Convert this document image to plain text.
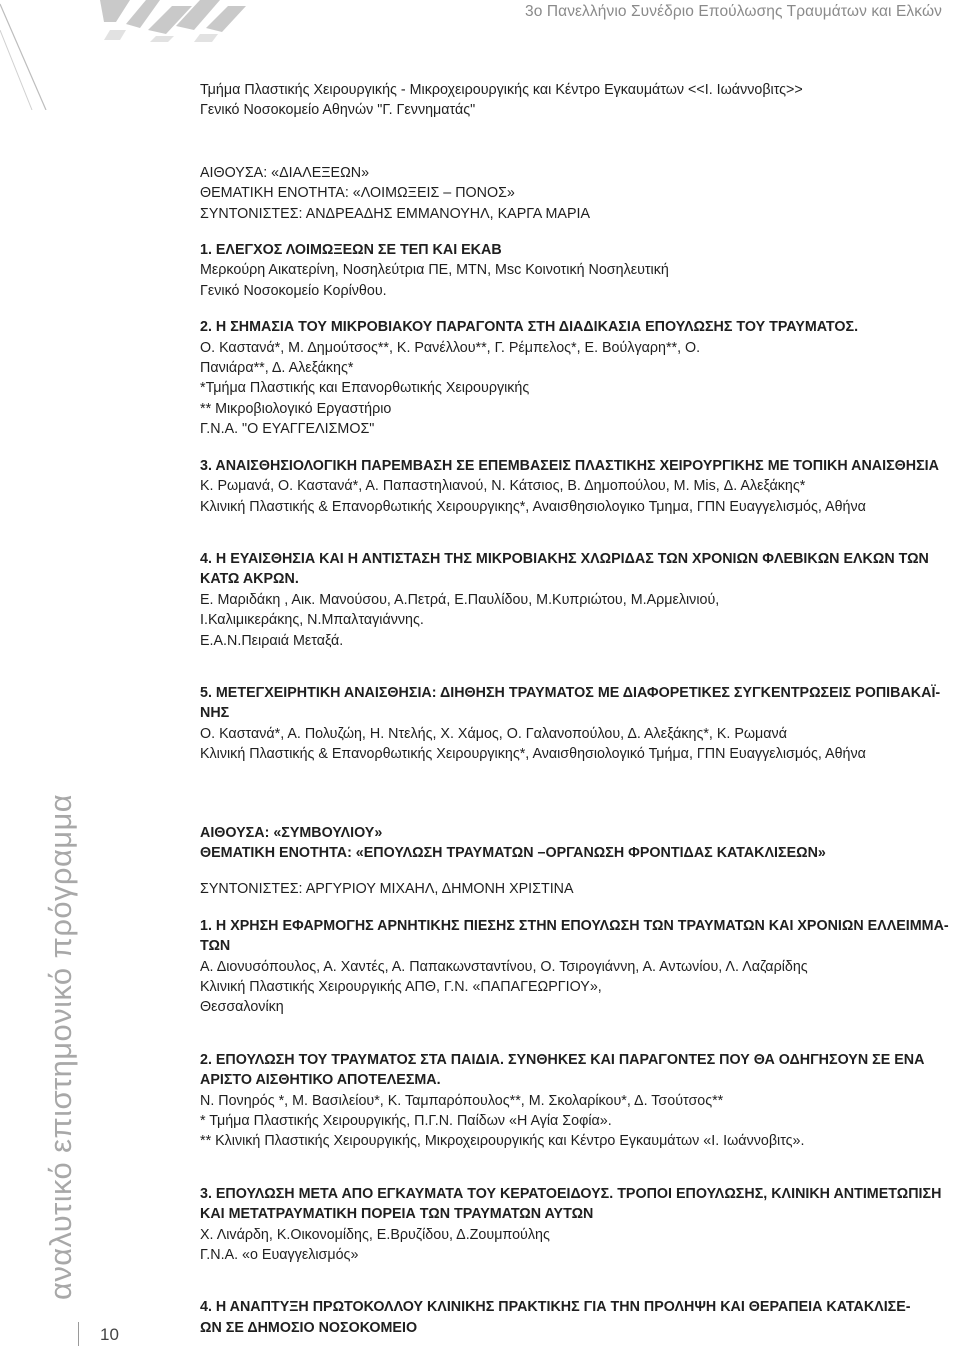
3ο Πανελλήνιο Συνέδριο Επούλωσης Τραυμάτων και Ελκών
αναλυτικό επιστημονικό πρόγραμμα
10
Τμήμα Πλαστικής Χειρουργικής - Μικροχειρουργικής και Κέντρο Εγκαυμάτων <<Ι. Ιωάννοβιτς>>
Γενικό Νοσοκομείο Αθηνών "Γ. Γεννηματάς"
ΑΙΘΟΥΣΑ: «ΔΙΑΛΕΞΕΩΝ»
ΘΕΜΑΤΙΚΗ ΕΝΟΤΗΤΑ: «ΛΟΙΜΩΞΕΙΣ – ΠΟΝΟΣ»
ΣΥΝΤΟΝΙΣΤΕΣ: ΑΝΔΡΕΑΔΗΣ ΕΜΜΑΝΟΥΗΛ, ΚΑΡΓΑ ΜΑΡΙΑ
1. ΕΛΕΓΧΟΣ ΛΟΙΜΩΞΕΩΝ ΣΕ ΤΕΠ ΚΑΙ ΕΚΑΒ
Μερκούρη Αικατερίνη, Νοσηλεύτρια ΠΕ, ΜΤΝ, Msc Κοινοτική Νοσηλευτική
Γενικό Νοσοκομείο Κορίνθου.
2. Η ΣΗΜΑΣΙΑ ΤΟΥ ΜΙΚΡΟΒΙΑΚΟΥ ΠΑΡΑΓΟΝΤΑ ΣΤΗ ΔΙΑΔΙΚΑΣΙΑ ΕΠΟΥΛΩΣΗΣ ΤΟΥ ΤΡΑΥΜΑΤΟΣ.
Ο. Καστανά*, Μ. Δημούτσος**, Κ. Ρανέλλου**, Γ. Ρέμπελος*, Ε. Βούλγαρη**, Ο.
Πανιάρα**, Δ. Αλεξάκης*
*Τμήμα Πλαστικής και Επανορθωτικής Χειρουργικής
** Μικροβιολογικό Εργαστήριο
Γ.Ν.Α. "Ο ΕΥΑΓΓΕΛΙΣΜΟΣ"
3. ΑΝΑΙΣΘΗΣΙΟΛΟΓΙΚΗ ΠΑΡΕΜΒΑΣΗ ΣΕ ΕΠΕΜΒΑΣΕΙΣ ΠΛΑΣΤΙΚΗΣ ΧΕΙΡΟΥΡΓΙΚΗΣ ΜΕ ΤΟΠΙΚΗ ΑΝΑΙΣΘΗΣΙΑ
Κ. Ρωμανά, Ο. Καστανά*, Α. Παπαστηλιανού, Ν. Κάτσιος, Β. Δημοπούλου, Μ. Mis, Δ. Αλεξάκης*
Κλινική Πλαστικής & Επανορθωτικής Χειρουργικης*, Αναισθησιολογικο Τμημα, ΓΠΝ Ευαγγελισμός, Αθήνα
4. Η ΕΥΑΙΣΘΗΣΙΑ ΚΑΙ Η ΑΝΤΙΣΤΑΣΗ ΤΗΣ ΜΙΚΡΟΒΙΑΚΗΣ ΧΛΩΡΙΔΑΣ ΤΩΝ ΧΡΟΝΙΩΝ ΦΛΕΒΙΚΩΝ ΕΛΚΩΝ ΤΩΝ
ΚΑΤΩ ΑΚΡΩΝ.
Ε. Μαριδάκη , Αικ. Μανούσου, Α.Πετρά, Ε.Παυλίδου, Μ.Κυπριώτου, Μ.Αρμελινιού,
Ι.Καλιμικεράκης, Ν.Μπαλταγιάννης.
Ε.Α.Ν.Πειραιά Μεταξά.
5. ΜΕΤΕΓΧΕΙΡΗΤΙΚΗ ΑΝΑΙΣΘΗΣΙΑ: ΔΙΗΘΗΣΗ ΤΡΑΥΜΑΤΟΣ ΜΕ ΔΙΑΦΟΡΕΤΙΚΕΣ ΣΥΓΚΕΝΤΡΩΣΕΙΣ ΡΟΠΙΒΑΚΑΪ-
ΝΗΣ
Ο. Καστανά*, Α. Πολυζώη, Η. Ντελής, Χ. Χάμος, Ο. Γαλανοπούλου, Δ. Αλεξάκης*, Κ. Ρωμανά
Κλινική Πλαστικής & Επανορθωτικής Χειρουργικης*, Αναισθησιολογικό Τμήμα, ΓΠΝ Ευαγγελισμός, Αθήνα
ΑΙΘΟΥΣΑ: «ΣΥΜΒΟΥΛΙΟΥ»
ΘΕΜΑΤΙΚΗ ΕΝΟΤΗΤΑ: «ΕΠΟΥΛΩΣΗ ΤΡΑΥΜΑΤΩΝ –ΟΡΓΑΝΩΣΗ ΦΡΟΝΤΙΔΑΣ ΚΑΤΑΚΛΙΣΕΩΝ»
ΣΥΝΤΟΝΙΣΤΕΣ: ΑΡΓΥΡΙΟΥ ΜΙΧΑΗΛ, ΔΗΜΟΝΗ ΧΡΙΣΤΙΝΑ
1. Η ΧΡΗΣΗ ΕΦΑΡΜΟΓΗΣ ΑΡΝΗΤΙΚΗΣ ΠΙΕΣΗΣ ΣΤΗΝ ΕΠΟΥΛΩΣΗ ΤΩΝ ΤΡΑΥΜΑΤΩΝ ΚΑΙ ΧΡΟΝΙΩΝ ΕΛΛΕΙΜΜΑ-
ΤΩΝ
Α. Διονυσόπουλος, Α. Χαντές, Α. Παπακωνσταντίνου, Ο. Τσιρογιάννη, Α. Αντωνίου, Λ. Λαζαρίδης
Κλινική Πλαστικής Χειρουργικής ΑΠΘ, Γ.Ν. «ΠΑΠΑΓΕΩΡΓΙΟΥ»,
Θεσσαλονίκη
2. ΕΠΟΥΛΩΣΗ ΤΟΥ ΤΡΑΥΜΑΤΟΣ ΣΤΑ ΠΑΙΔΙΑ. ΣΥΝΘΗΚΕΣ ΚΑΙ ΠΑΡΑΓΟΝΤΕΣ ΠΟΥ ΘΑ ΟΔΗΓΗΣΟΥΝ ΣΕ ΕΝΑ
ΑΡΙΣΤΟ ΑΙΣΘΗΤΙΚΟ ΑΠΟΤΕΛΕΣΜΑ.
Ν. Πονηρός *, Μ. Βασιλείου*, Κ. Ταμπαρόπουλος**, Μ. Σκολαρίκου*, Δ. Τσούτσος**
* Τμήμα Πλαστικής Χειρουργικής, Π.Γ.Ν. Παίδων «Η Αγία Σοφία».
** Κλινική Πλαστικής Χειρουργικής, Μικροχειρουργικής και Κέντρο Εγκαυμάτων «Ι. Ιωάννοβιτς».
3. ΕΠΟΥΛΩΣΗ ΜΕΤΑ ΑΠΟ ΕΓΚΑΥΜΑΤΑ ΤΟΥ ΚΕΡΑΤΟΕΙΔΟΥΣ. ΤΡΟΠΟΙ ΕΠΟΥΛΩΣΗΣ, ΚΛΙΝΙΚΗ ΑΝΤΙΜΕΤΩΠΙΣΗ
ΚΑΙ ΜΕΤΑΤΡΑΥΜΑΤΙΚΗ ΠΟΡΕΙΑ ΤΩΝ ΤΡΑΥΜΑΤΩΝ ΑΥΤΩΝ
Χ. Λιvάρδη, Κ.Οικονομίδης, Ε.Βρυζίδου, Δ.Ζουμπούλης
Γ.Ν.Α. «ο Ευαγγελισμός»
4. Η ΑΝΑΠΤΥΞΗ ΠΡΩΤΟΚΟΛΛΟΥ ΚΛΙΝΙΚΗΣ ΠΡΑΚΤΙΚΗΣ ΓΙΑ ΤΗΝ ΠΡΟΛΗΨΗ ΚΑΙ ΘΕΡΑΠΕΙΑ ΚΑΤΑΚΛΙΣΕ-
ΩΝ ΣΕ ΔΗΜΟΣΙΟ ΝΟΣΟΚΟΜΕΙΟ
